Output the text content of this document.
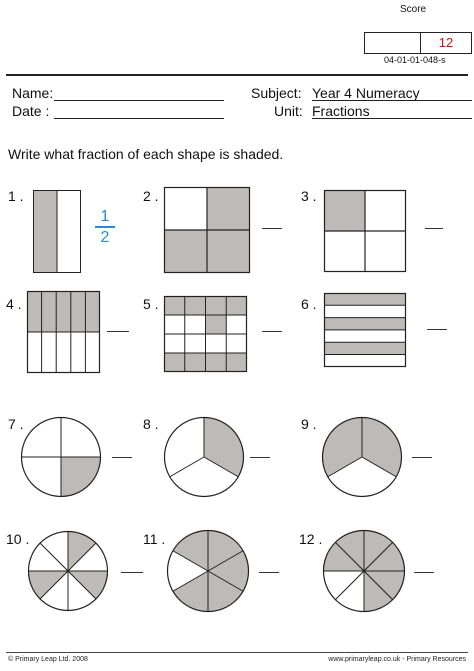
Score
12
04-01-01-048-s
Name:
Date :
Subject: Year 4 Numeracy
Unit: Fractions
Write what fraction of each shape is shaded.
1 .	2 .	3 .
4 .	5 .	6 .
7 .	8 .	9 .
10 .	11 .	12 .
1
2
© Primary Leap Ltd. 2008	www.primaryleap.co.uk - Primary Resources
